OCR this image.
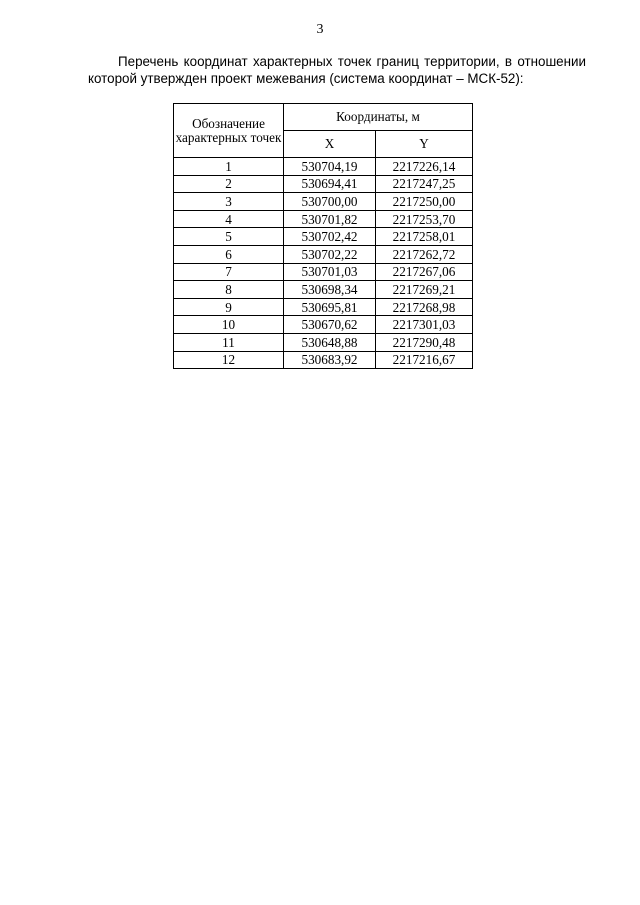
3
Перечень координат характерных точек границ территории, в отношении
которой утвержден проект межевания (система координат – МСК-52):
Обозначение характерных точек	Координаты, м	
	X	Y
1	530704,19	2217226,14
2	530694,41	2217247,25
3	530700,00	2217250,00
4	530701,82	2217253,70
5	530702,42	2217258,01
6	530702,22	2217262,72
7	530701,03	2217267,06
8	530698,34	2217269,21
9	530695,81	2217268,98
10	530670,62	2217301,03
11	530648,88	2217290,48
12	530683,92	2217216,67
